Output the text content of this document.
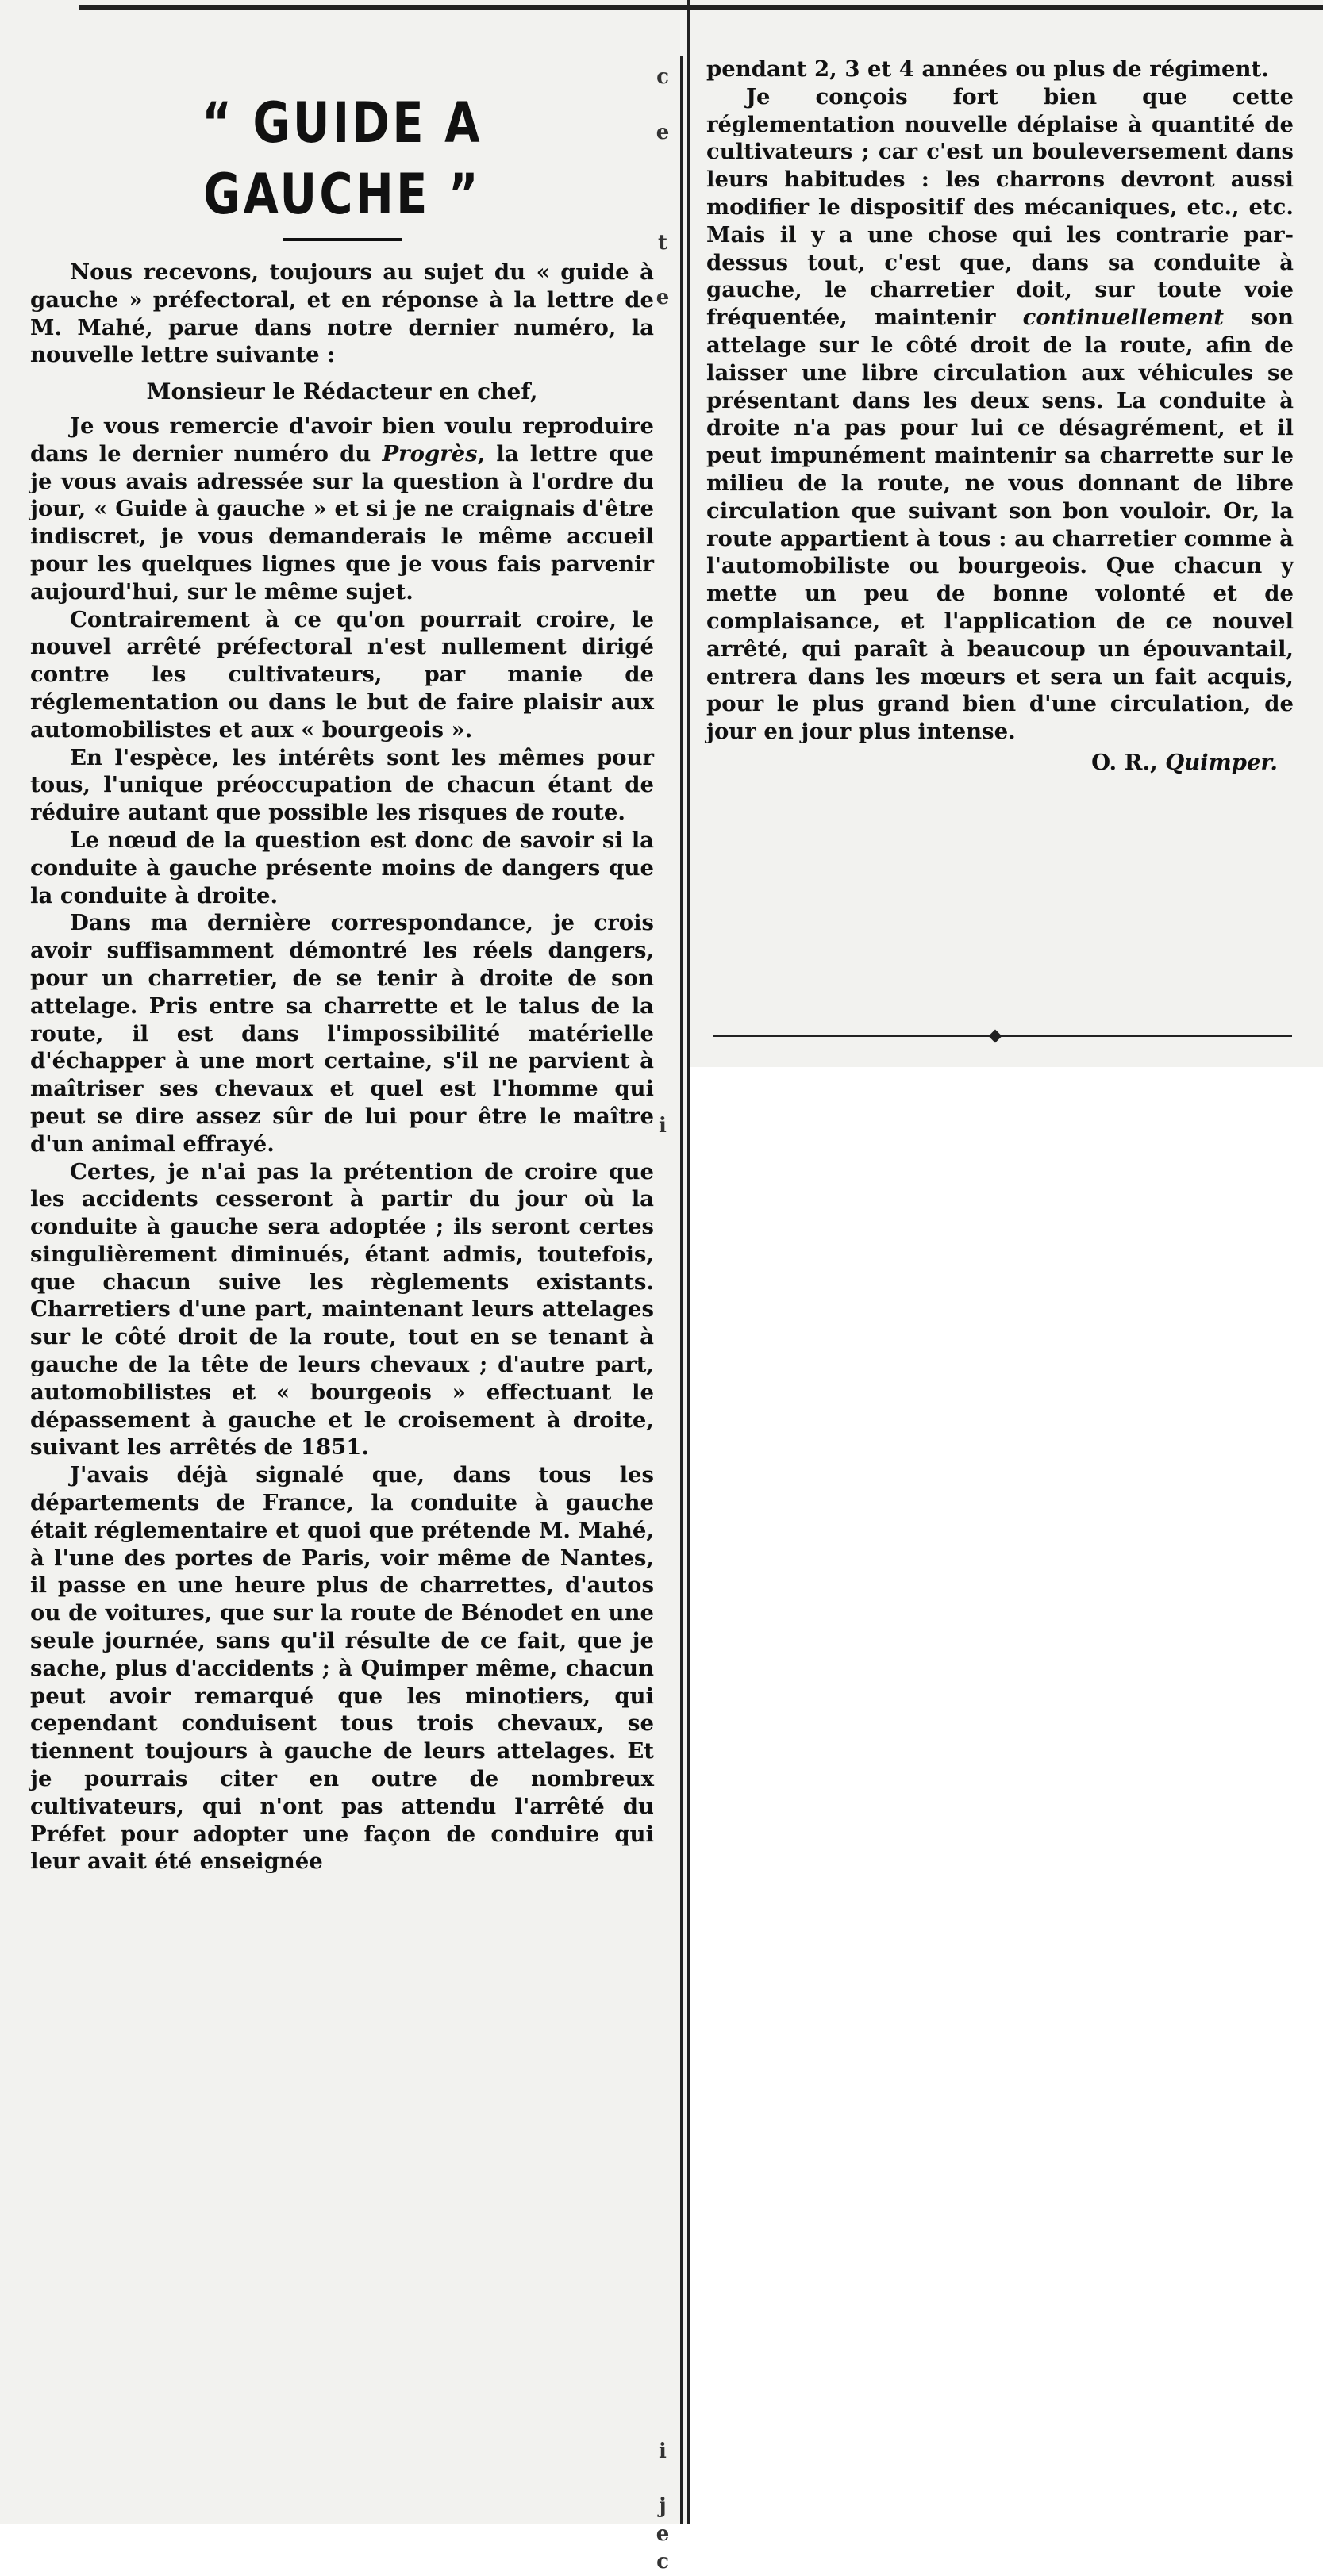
c

e

t

e

i

i

j
e
c
“ GUIDE A GAUCHE ”

Nous recevons, toujours au sujet du « guide à gauche » préfectoral, et en réponse à la lettre de M. Mahé, parue dans notre dernier numéro, la nouvelle lettre suivante :

Monsieur le Rédacteur en chef,

Je vous remercie d'avoir bien voulu reproduire dans le dernier numéro du Progrès, la lettre que je vous avais adressée sur la question à l'ordre du jour, « Guide à gauche » et si je ne craignais d'être indiscret, je vous demanderais le même accueil pour les quelques lignes que je vous fais parvenir aujourd'hui, sur le même sujet.

Contrairement à ce qu'on pourrait croire, le nouvel arrêté préfectoral n'est nullement dirigé contre les cultivateurs, par manie de réglementation ou dans le but de faire plaisir aux automobilistes et aux « bourgeois ».

En l'espèce, les intérêts sont les mêmes pour tous, l'unique préoccupation de chacun étant de réduire autant que possible les risques de route.

Le nœud de la question est donc de savoir si la conduite à gauche présente moins de dangers que la conduite à droite.

Dans ma dernière correspondance, je crois avoir suffisamment démontré les réels dangers, pour un charretier, de se tenir à droite de son attelage. Pris entre sa charrette et le talus de la route, il est dans l'impossibilité matérielle d'échapper à une mort certaine, s'il ne parvient à maîtriser ses chevaux et quel est l'homme qui peut se dire assez sûr de lui pour être le maître d'un animal effrayé.

Certes, je n'ai pas la prétention de croire que les accidents cesseront à partir du jour où la conduite à gauche sera adoptée ; ils seront certes singulièrement diminués, étant admis, toutefois, que chacun suive les règlements existants. Charretiers d'une part, maintenant leurs attelages sur le côté droit de la route, tout en se tenant à gauche de la tête de leurs chevaux ; d'autre part, automobilistes et « bourgeois » effectuant le dépassement à gauche et le croisement à droite, suivant les arrêtés de 1851.

J'avais déjà signalé que, dans tous les départements de France, la conduite à gauche était réglementaire et quoi que prétende M. Mahé, à l'une des portes de Paris, voir même de Nantes, il passe en une heure plus de charrettes, d'autos ou de voitures, que sur la route de Bénodet en une seule journée, sans qu'il résulte de ce fait, que je sache, plus d'accidents ; à Quimper même, chacun peut avoir remarqué que les minotiers, qui cependant conduisent tous trois chevaux, se tiennent toujours à gauche de leurs attelages. Et je pourrais citer en outre de nombreux cultivateurs, qui n'ont pas attendu l'arrêté du Préfet pour adopter une façon de conduire qui leur avait été enseignée

pendant 2, 3 et 4 années ou plus de régiment.

Je conçois fort bien que cette réglementation nouvelle déplaise à quantité de cultivateurs ; car c'est un bouleversement dans leurs habitudes : les charrons devront aussi modifier le dispositif des mécaniques, etc., etc. Mais il y a une chose qui les contrarie par-dessus tout, c'est que, dans sa conduite à gauche, le charretier doit, sur toute voie fréquentée, maintenir continuellement son attelage sur le côté droit de la route, afin de laisser une libre circulation aux véhicules se présentant dans les deux sens. La conduite à droite n'a pas pour lui ce désagrément, et il peut impunément maintenir sa charrette sur le milieu de la route, ne vous donnant de libre circulation que suivant son bon vouloir. Or, la route appartient à tous : au charretier comme à l'automobiliste ou bourgeois. Que chacun y mette un peu de bonne volonté et de complaisance, et l'application de ce nouvel arrêté, qui paraît à beaucoup un épouvantail, entrera dans les mœurs et sera un fait acquis, pour le plus grand bien d'une circulation, de jour en jour plus intense.

O. R., Quimper.
